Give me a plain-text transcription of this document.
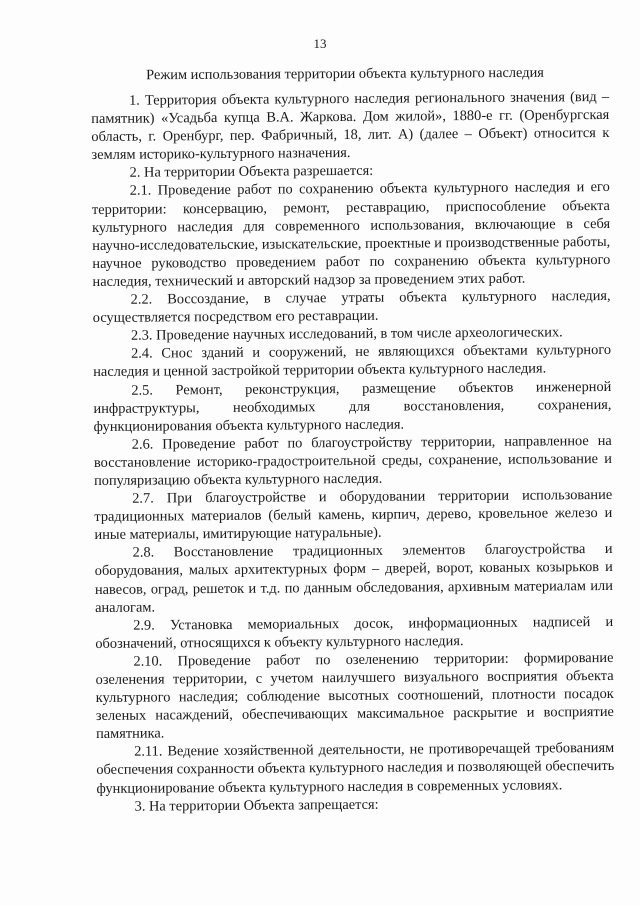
13
Режим использования территории объекта культурного наследия

1. Территория объекта культурного наследия регионального значения (вид – памятник) «Усадьба купца В.А. Жаркова. Дом жилой», 1880-е гг. (Оренбургская область, г. Оренбург, пер. Фабричный, 18, лит. А) (далее – Объект) относится к землям историко-культурного назначения.

2. На территории Объекта разрешается:

2.1. Проведение работ по сохранению объекта культурного наследия и его территории: консервацию, ремонт, реставрацию, приспособление объекта культурного наследия для современного использования, включающие в себя научно-исследовательские, изыскательские, проектные и производственные работы, научное руководство проведением работ по сохранению объекта культурного наследия, технический и авторский надзор за проведением этих работ.

2.2. Воссоздание, в случае утраты объекта культурного наследия, осуществляется посредством его реставрации.

2.3. Проведение научных исследований, в том числе археологических.

2.4. Снос зданий и сооружений, не являющихся объектами культурного наследия и ценной застройкой территории объекта культурного наследия.

2.5. Ремонт, реконструкция, размещение объектов инженерной инфраструктуры, необходимых для восстановления, сохранения, функционирования объекта культурного наследия.

2.6. Проведение работ по благоустройству территории, направленное на восстановление историко-градостроительной среды, сохранение, использование и популяризацию объекта культурного наследия.

2.7. При благоустройстве и оборудовании территории использование традиционных материалов (белый камень, кирпич, дерево, кровельное железо и иные материалы, имитирующие натуральные).

2.8. Восстановление традиционных элементов благоустройства и оборудования, малых архитектурных форм – дверей, ворот, кованых козырьков и навесов, оград, решеток и т.д. по данным обследования, архивным материалам или аналогам.

2.9. Установка мемориальных досок, информационных надписей и обозначений, относящихся к объекту культурного наследия.

2.10. Проведение работ по озеленению территории: формирование озеленения территории, с учетом наилучшего визуального восприятия объекта культурного наследия; соблюдение высотных соотношений, плотности посадок зеленых насаждений, обеспечивающих максимальное раскрытие и восприятие памятника.

2.11. Ведение хозяйственной деятельности, не противоречащей требованиям обеспечения сохранности объекта культурного наследия и позволяющей обеспечить функционирование объекта культурного наследия в современных условиях.

3. На территории Объекта запрещается:
